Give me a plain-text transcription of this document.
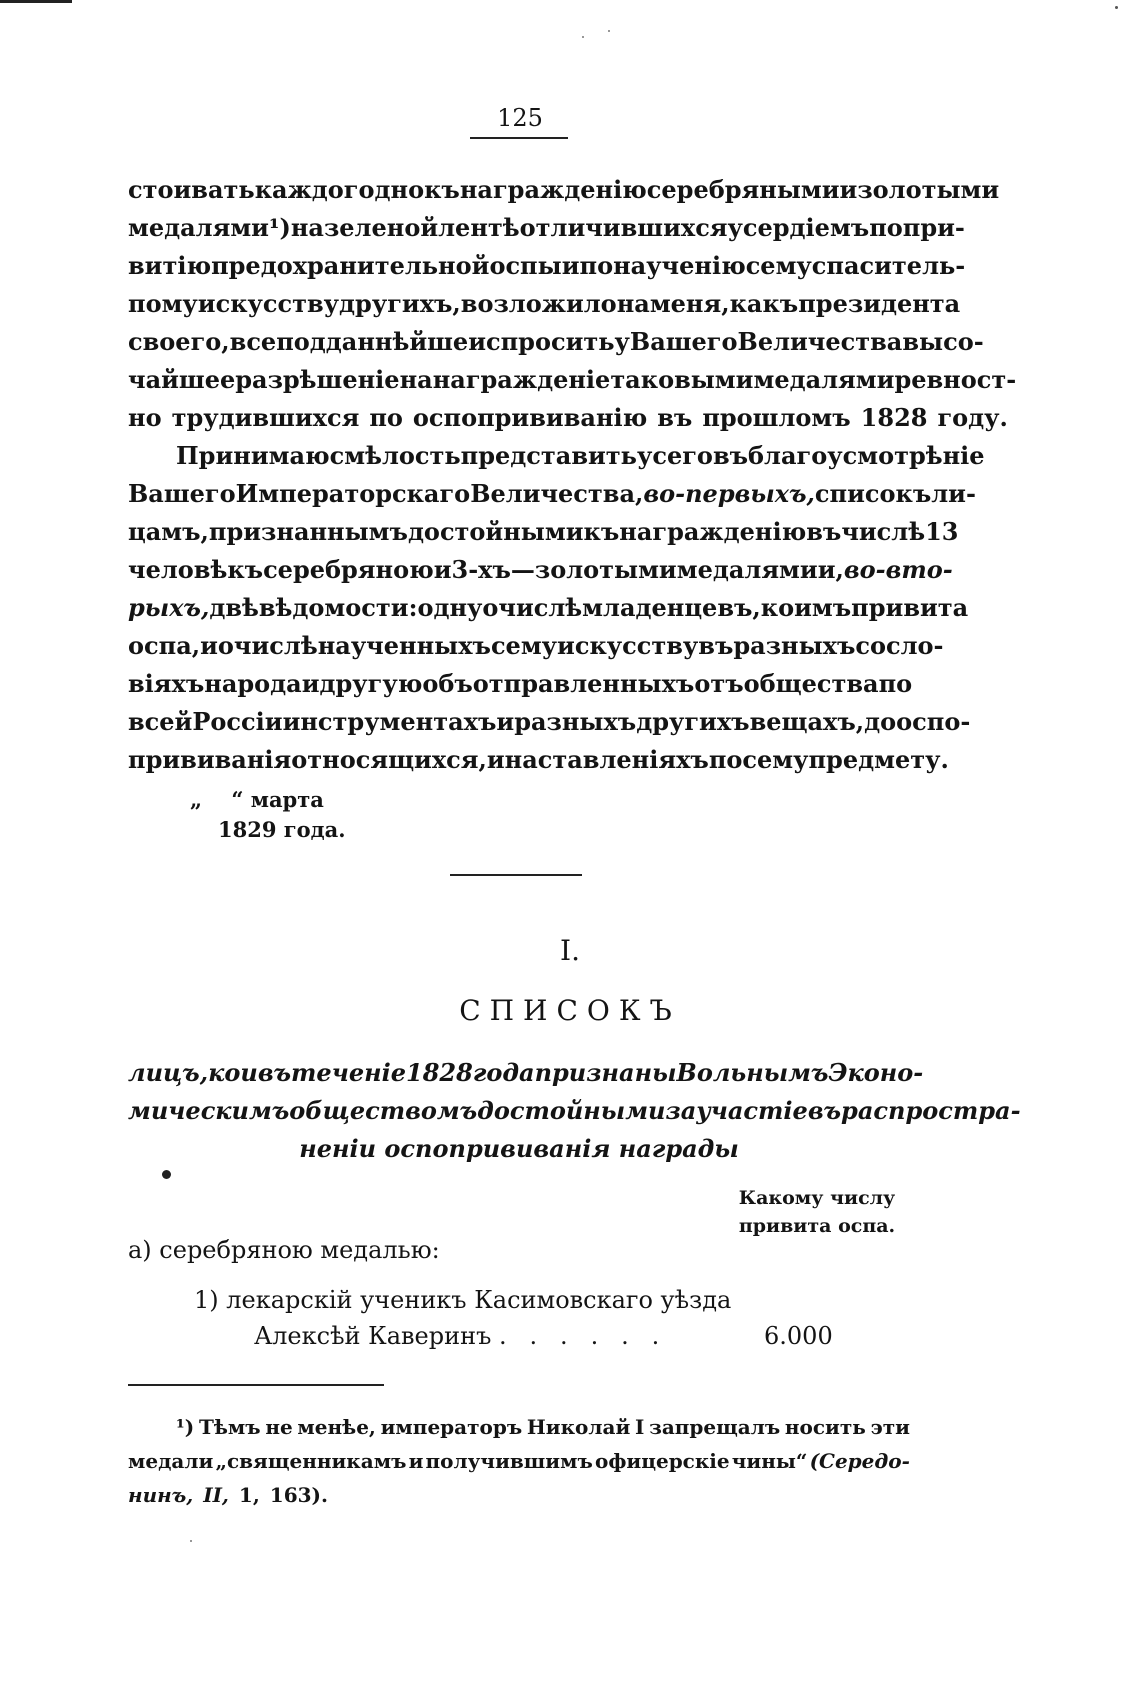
125
стоивать каждогодно къ награжденію серебряными и золотыми
медалями ¹) на зеленой лентѣ отличившихся усердіемъ по при-
витію предохранительной оспы и по наученію сему спаситель-
пому искусству другихъ, возложило на меня, какъ президента
своего, всеподданнѣйше испросить у Вашего Величества высо-
чайшее разрѣшеніе на награжденіе таковыми медалями ревност-
но трудившихся по оспопрививанію въ прошломъ 1828 году.
Принимаю смѣлость представить у сего въ благоусмотрѣніе
Вашего Императорскаго Величества, во-первыхъ, списокъ ли-
цамъ, признаннымъ достойными къ награжденію въ числѣ 13
человѣкъ серебряною и 3-хъ—золотыми медалями и, во-вто-
рыхъ, двѣ вѣдомости: одну о числѣ младенцевъ, коимъ привита
оспа, и о числѣ наученныхъ сему искусству въ разныхъ сосло-
віяхъ народа и другую объ отправленныхъ отъ общества по
всей Россіи инструментахъ и разныхъ другихъ вещахъ, до оспо-
прививанія относящихся, и наставленіяхъ по сему предмету.
„    “ марта
1829 года.
I.
СПИСОКЪ
лицъ, кои въ теченіе 1828 года признаны Вольнымъ Эконо-
мическимъ обществомъ достойными за участіе въ распростра-
неніи оспопрививанія награды
Какому числу
привита оспа.
а) серебряною медалью:
1) лекарскій ученикъ Касимовскаго уѣзда
Алексѣй Каверинъ .   .   .   .   .   .	6.000
¹) Тѣмъ не менѣе, императоръ Николай I запрещалъ носить эти
медали „священникамъ и получившимъ офицерскіе чины“ (Середо-
нинъ, II, 1, 163).
